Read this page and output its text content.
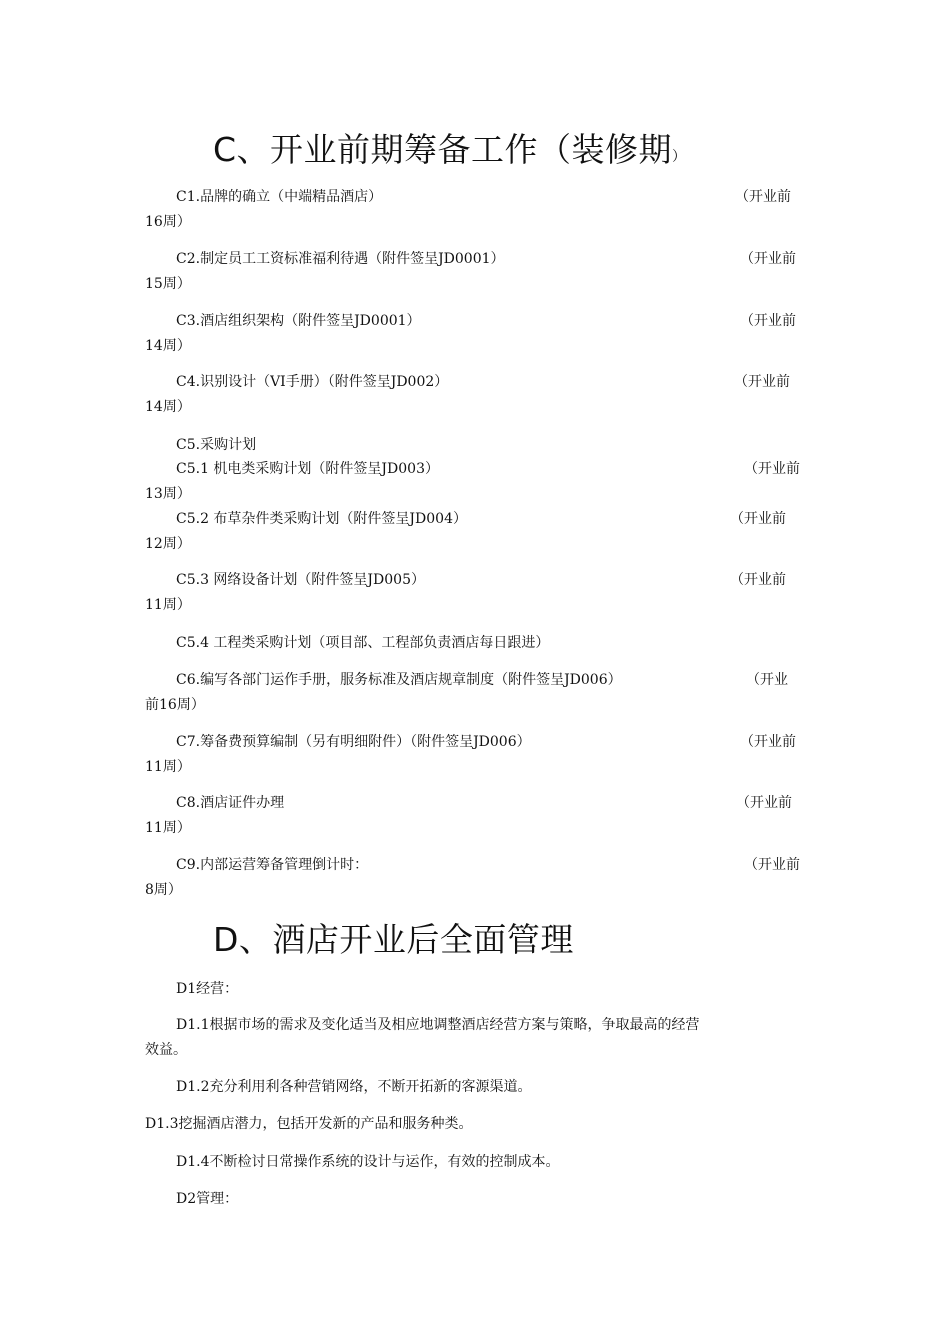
C、开业前期筹备工作（装修期）
C1.品牌的确立（中端精品酒店）	（开业前
16周）
C2.制定员工工资标准福利待遇（附件签呈JD0001）	（开业前
15周）
C3.酒店组织架构（附件签呈JD0001）	（开业前
14周）
C4.识别设计（VI手册）（附件签呈JD002）	（开业前
14周）
C5.采购计划
C5.1 机电类采购计划（附件签呈JD003）	（开业前
13周）
C5.2 布草杂件类采购计划（附件签呈JD004）	（开业前
12周）
C5.3 网络设备计划（附件签呈JD005）	（开业前
11周）
C5.4 工程类采购计划（项目部、工程部负责酒店每日跟进）
C6.编写各部门运作手册，服务标准及酒店规章制度（附件签呈JD006）	（开业
前16周）
C7.筹备费预算编制（另有明细附件）（附件签呈JD006）	（开业前
11周）
C8.酒店证件办理	（开业前
11周）
C9.内部运营筹备管理倒计时：	（开业前
8周）
D、酒店开业后全面管理
D1经营：
D1.1根据市场的需求及变化适当及相应地调整酒店经营方案与策略，争取最高的经营
效益。
D1.2充分利用利各种营销网络，不断开拓新的客源渠道。
D1.3挖掘酒店潜力，包括开发新的产品和服务种类。
D1.4不断检讨日常操作系统的设计与运作，有效的控制成本。
D2管理：
